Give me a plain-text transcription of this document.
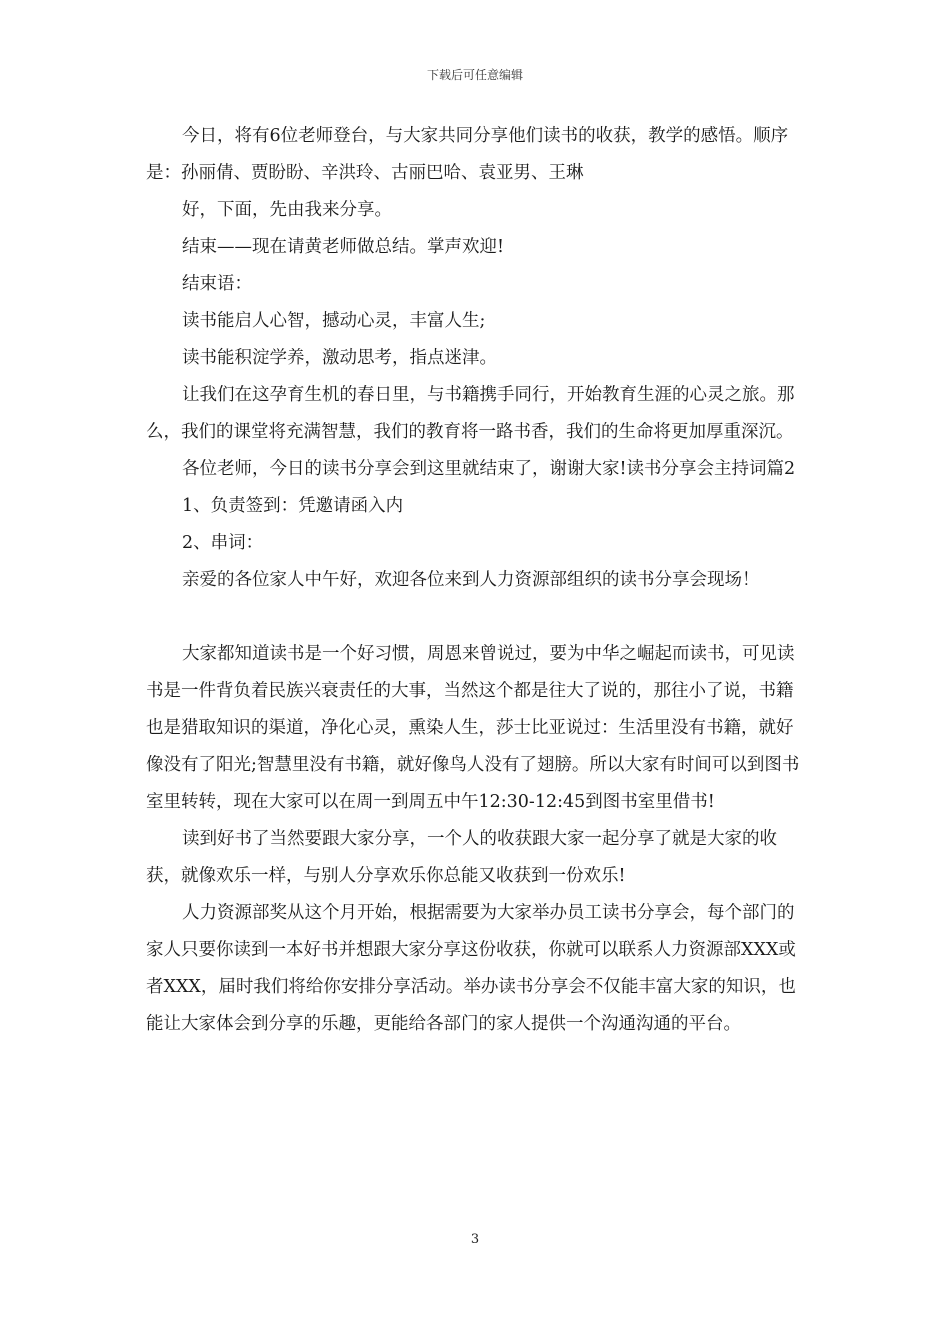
下载后可任意编辑

今日，将有6位老师登台，与大家共同分享他们读书的收获，教学的感悟。顺序是：孙丽倩、贾盼盼、辛洪玲、古丽巴哈、袁亚男、王琳

好，下面，先由我来分享。

结束——现在请黄老师做总结。掌声欢迎!

结束语：

读书能启人心智，撼动心灵，丰富人生;

读书能积淀学养，激动思考，指点迷津。

让我们在这孕育生机的春日里，与书籍携手同行，开始教育生涯的心灵之旅。那么，我们的课堂将充满智慧，我们的教育将一路书香，我们的生命将更加厚重深沉。

各位老师，今日的读书分享会到这里就结束了，谢谢大家!读书分享会主持词篇2

1、负责签到：凭邀请函入内

2、串词：

亲爱的各位家人中午好，欢迎各位来到人力资源部组织的读书分享会现场！

大家都知道读书是一个好习惯，周恩来曾说过，要为中华之崛起而读书，可见读书是一件背负着民族兴衰责任的大事，当然这个都是往大了说的，那往小了说，书籍也是猎取知识的渠道，净化心灵，熏染人生，莎士比亚说过：生活里没有书籍，就好像没有了阳光;智慧里没有书籍，就好像鸟人没有了翅膀。所以大家有时间可以到图书室里转转，现在大家可以在周一到周五中午12:30-12:45到图书室里借书!

读到好书了当然要跟大家分享，一个人的收获跟大家一起分享了就是大家的收获，就像欢乐一样，与别人分享欢乐你总能又收获到一份欢乐!

人力资源部奖从这个月开始，根据需要为大家举办员工读书分享会，每个部门的家人只要你读到一本好书并想跟大家分享这份收获，你就可以联系人力资源部XXX或者XXX，届时我们将给你安排分享活动。举办读书分享会不仅能丰富大家的知识，也能让大家体会到分享的乐趣，更能给各部门的家人提供一个沟通沟通的平台。

3
